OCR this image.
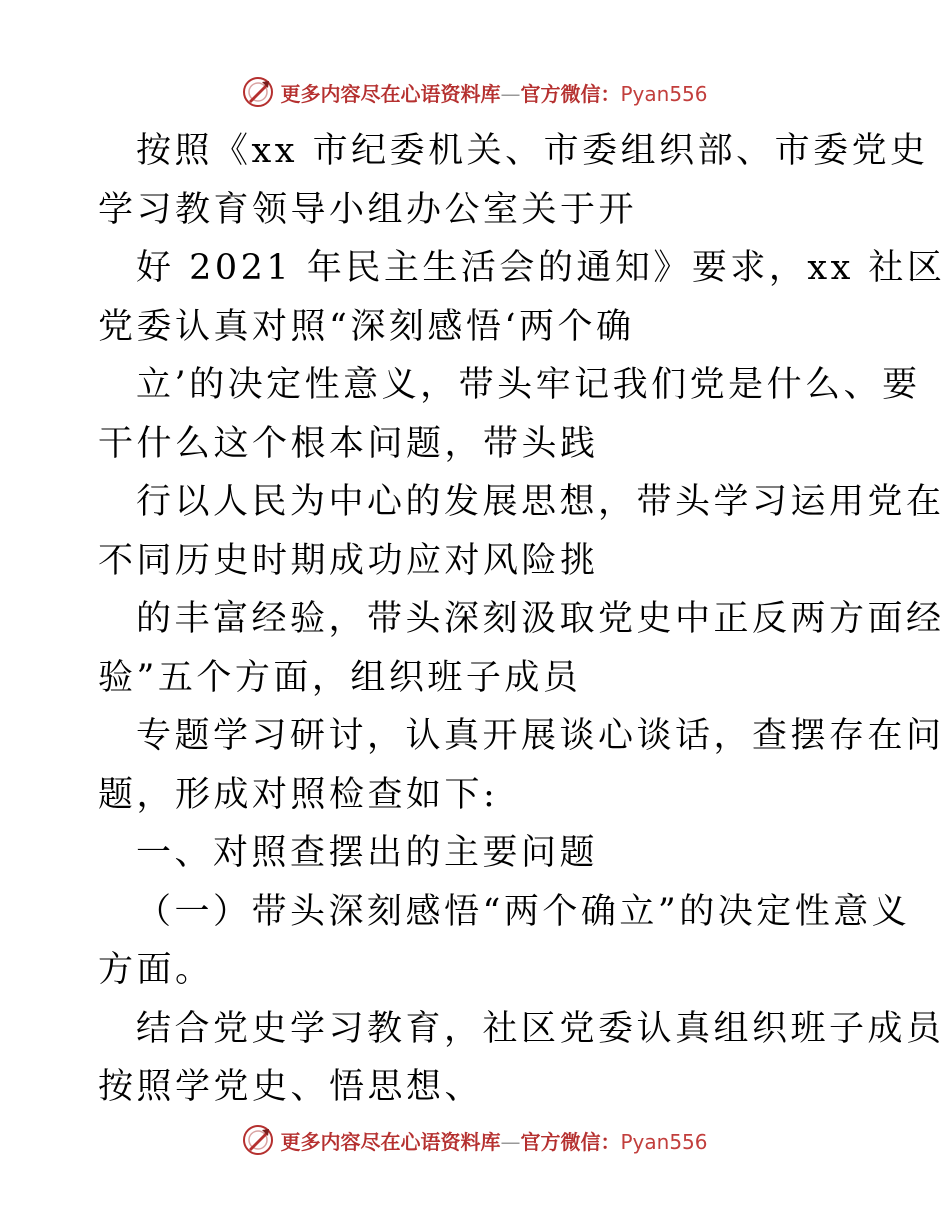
更多内容尽在心语资料库—官方微信：Pyan556
按照《xx 市纪委机关、市委组织部、市委党史
学习教育领导小组办公室关于开
好 2021 年民主生活会的通知》要求，xx 社区
党委认真对照“深刻感悟‘两个确
立’的决定性意义，带头牢记我们党是什么、要
干什么这个根本问题，带头践
行以人民为中心的发展思想，带头学习运用党在
不同历史时期成功应对风险挑
的丰富经验，带头深刻汲取党史中正反两方面经
验”五个方面，组织班子成员
专题学习研讨，认真开展谈心谈话，查摆存在问
题，形成对照检查如下:
一、对照查摆出的主要问题
（一）带头深刻感悟“两个确立”的决定性意义
方面。
结合党史学习教育，社区党委认真组织班子成员
按照学党史、悟思想、
更多内容尽在心语资料库—官方微信：Pyan556
